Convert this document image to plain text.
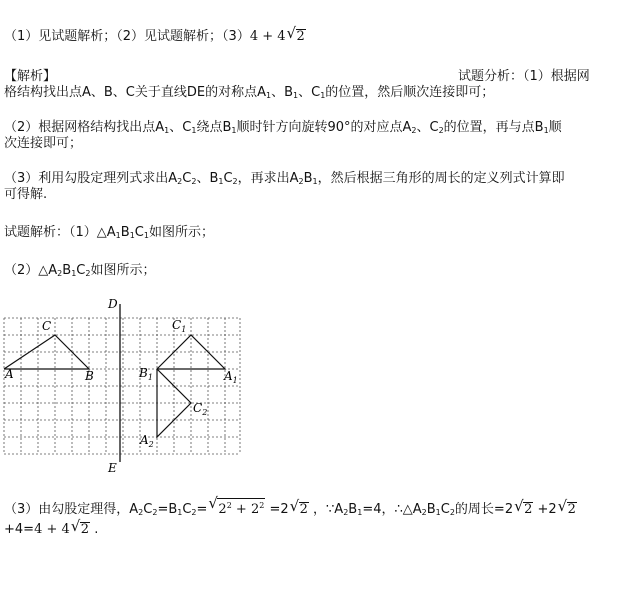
（1）见试题解析；（2）见试题解析；（3）4 + 4 √ 2
【解析】	试题分析：（1）根据网
格结构找出点A、B、C关于直线DE的对称点$A_1$、$B_1$、$C_1$的位置，然后顺次连接即可；
（2）根据网格结构找出点$A_1$、$C_1$绕点$B_1$顺时针方向旋转90°的对应点$A_2$、$C_2$的位置，再与点$B_1$顺
次连接即可；
（3）利用勾股定理列式求出$A_2C_2$、$B_1C_2$，再求出$A_2B_1$，然后根据三角形的周长的定义列式计算即
可得解.
试题解析：$(1)\triangle A_1B_1C_1$如图所示；
$(2)\triangle A_2B_1C_2$如图所示；
D
E
A	B
C	$C_1$
$B_1$	$A_1$
$C_2$
$A_2$
（3）由勾股定理得，$A_2C_2=B_1C_2=$ √ $2^2 + 2^2 =2$ √ 2 ，$\because A_2B_1=4$，$\therefore\triangle A_2B_1C_2$的周长=2 √ 2 +2 √ 2
+4=4 + 4 √ 2 .
